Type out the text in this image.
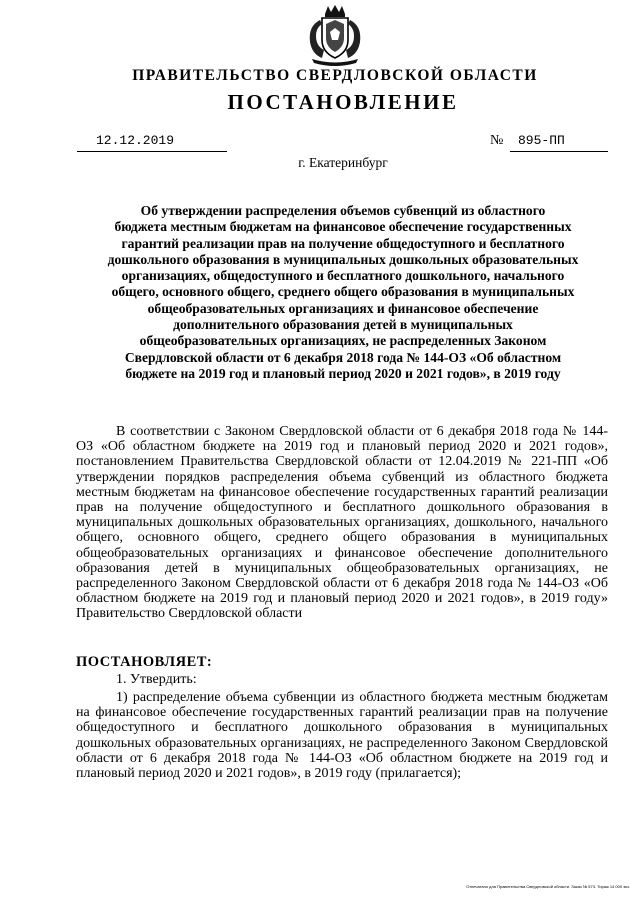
ПРАВИТЕЛЬСТВО СВЕРДЛОВСКОЙ ОБЛАСТИ
ПОСТАНОВЛЕНИЕ
12.12.2019	№ 895-ПП
г. Екатеринбург
Об утверждении распределения объемов субвенций из областного
бюджета местным бюджетам на финансовое обеспечение государственных
гарантий реализации прав на получение общедоступного и бесплатного
дошкольного образования в муниципальных дошкольных образовательных
организациях, общедоступного и бесплатного дошкольного, начального
общего, основного общего, среднего общего образования в муниципальных
общеобразовательных организациях и финансовое обеспечение
дополнительного образования детей в муниципальных
общеобразовательных организациях, не распределенных Законом
Свердловской области от 6 декабря 2018 года № 144-ОЗ «Об областном
бюджете на 2019 год и плановый период 2020 и 2021 годов», в 2019 году

В соответствии с Законом Свердловской области от 6 декабря 2018 года № 144-ОЗ «Об областном бюджете на 2019 год и плановый период 2020 и 2021 годов», постановлением Правительства Свердловской области от 12.04.2019 № 221-ПП «Об утверждении порядков распределения объема субвенций из областного бюджета местным бюджетам на финансовое обеспечение государственных гарантий реализации прав на получение общедоступного и бесплатного дошкольного образования в муниципальных дошкольных образовательных организациях, дошкольного, начального общего, основного общего, среднего общего образования в муниципальных общеобразовательных организациях и финансовое обеспечение дополнительного образования детей в муниципальных общеобразовательных организациях, не распределенного Законом Свердловской области от 6 декабря 2018 года № 144-ОЗ «Об областном бюджете на 2019 год и плановый период 2020 и 2021 годов», в 2019 году» Правительство Свердловской области

ПОСТАНОВЛЯЕТ:

1. Утвердить:

1) распределение объема субвенции из областного бюджета местным бюджетам на финансовое обеспечение государственных гарантий реализации прав на получение общедоступного и бесплатного дошкольного образования в муниципальных дошкольных образовательных организациях, не распределенного Законом Свердловской области от 6 декабря 2018 года № 144-ОЗ «Об областном бюджете на 2019 год и плановый период 2020 и 2021 годов», в 2019 году (прилагается);

Отпечатано для Правительства Свердловской области. Заказ № 573. Тираж 14 000 экз.
